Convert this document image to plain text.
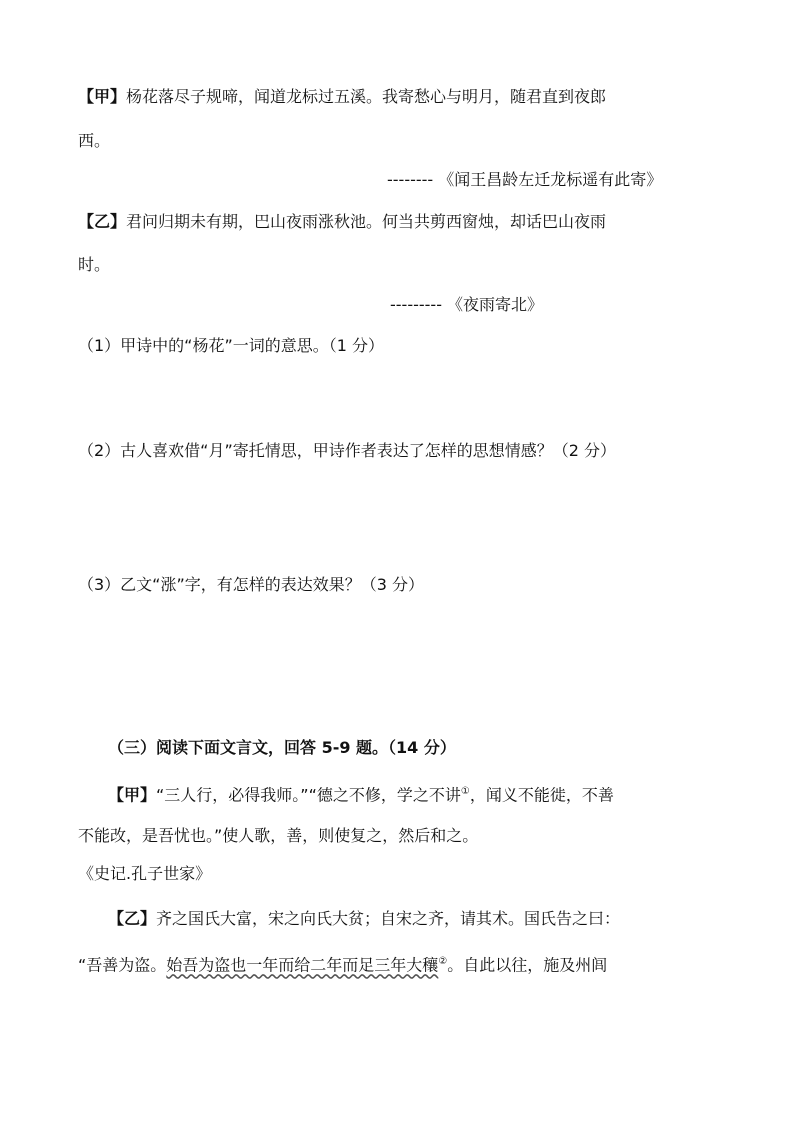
【甲】杨花落尽子规啼，闻道龙标过五溪。我寄愁心与明月，随君直到夜郎
西。
-------- 《闻王昌龄左迁龙标遥有此寄》
【乙】君问归期未有期，巴山夜雨涨秋池。何当共剪西窗烛，却话巴山夜雨
时。
--------- 《夜雨寄北》
（1）甲诗中的“杨花”一词的意思。（1 分）
（2）古人喜欢借“月”寄托情思，甲诗作者表达了怎样的思想情感？（2 分）
（3）乙文“涨”字，有怎样的表达效果？（3 分）
（三）阅读下面文言文，回答 5-9 题。（14 分）
【甲】“三人行，必得我师。”“德之不修，学之不讲①，闻义不能徙，不善
不能改，是吾忧也。”使人歌，善，则使复之，然后和之。
《史记.孔子世家》
【乙】齐之国氏大富，宋之向氏大贫；自宋之齐，请其术。国氏告之曰：
“吾善为盗。始吾为盗也一年而给二年而足三年大穰②。自此以往，施及州闾
